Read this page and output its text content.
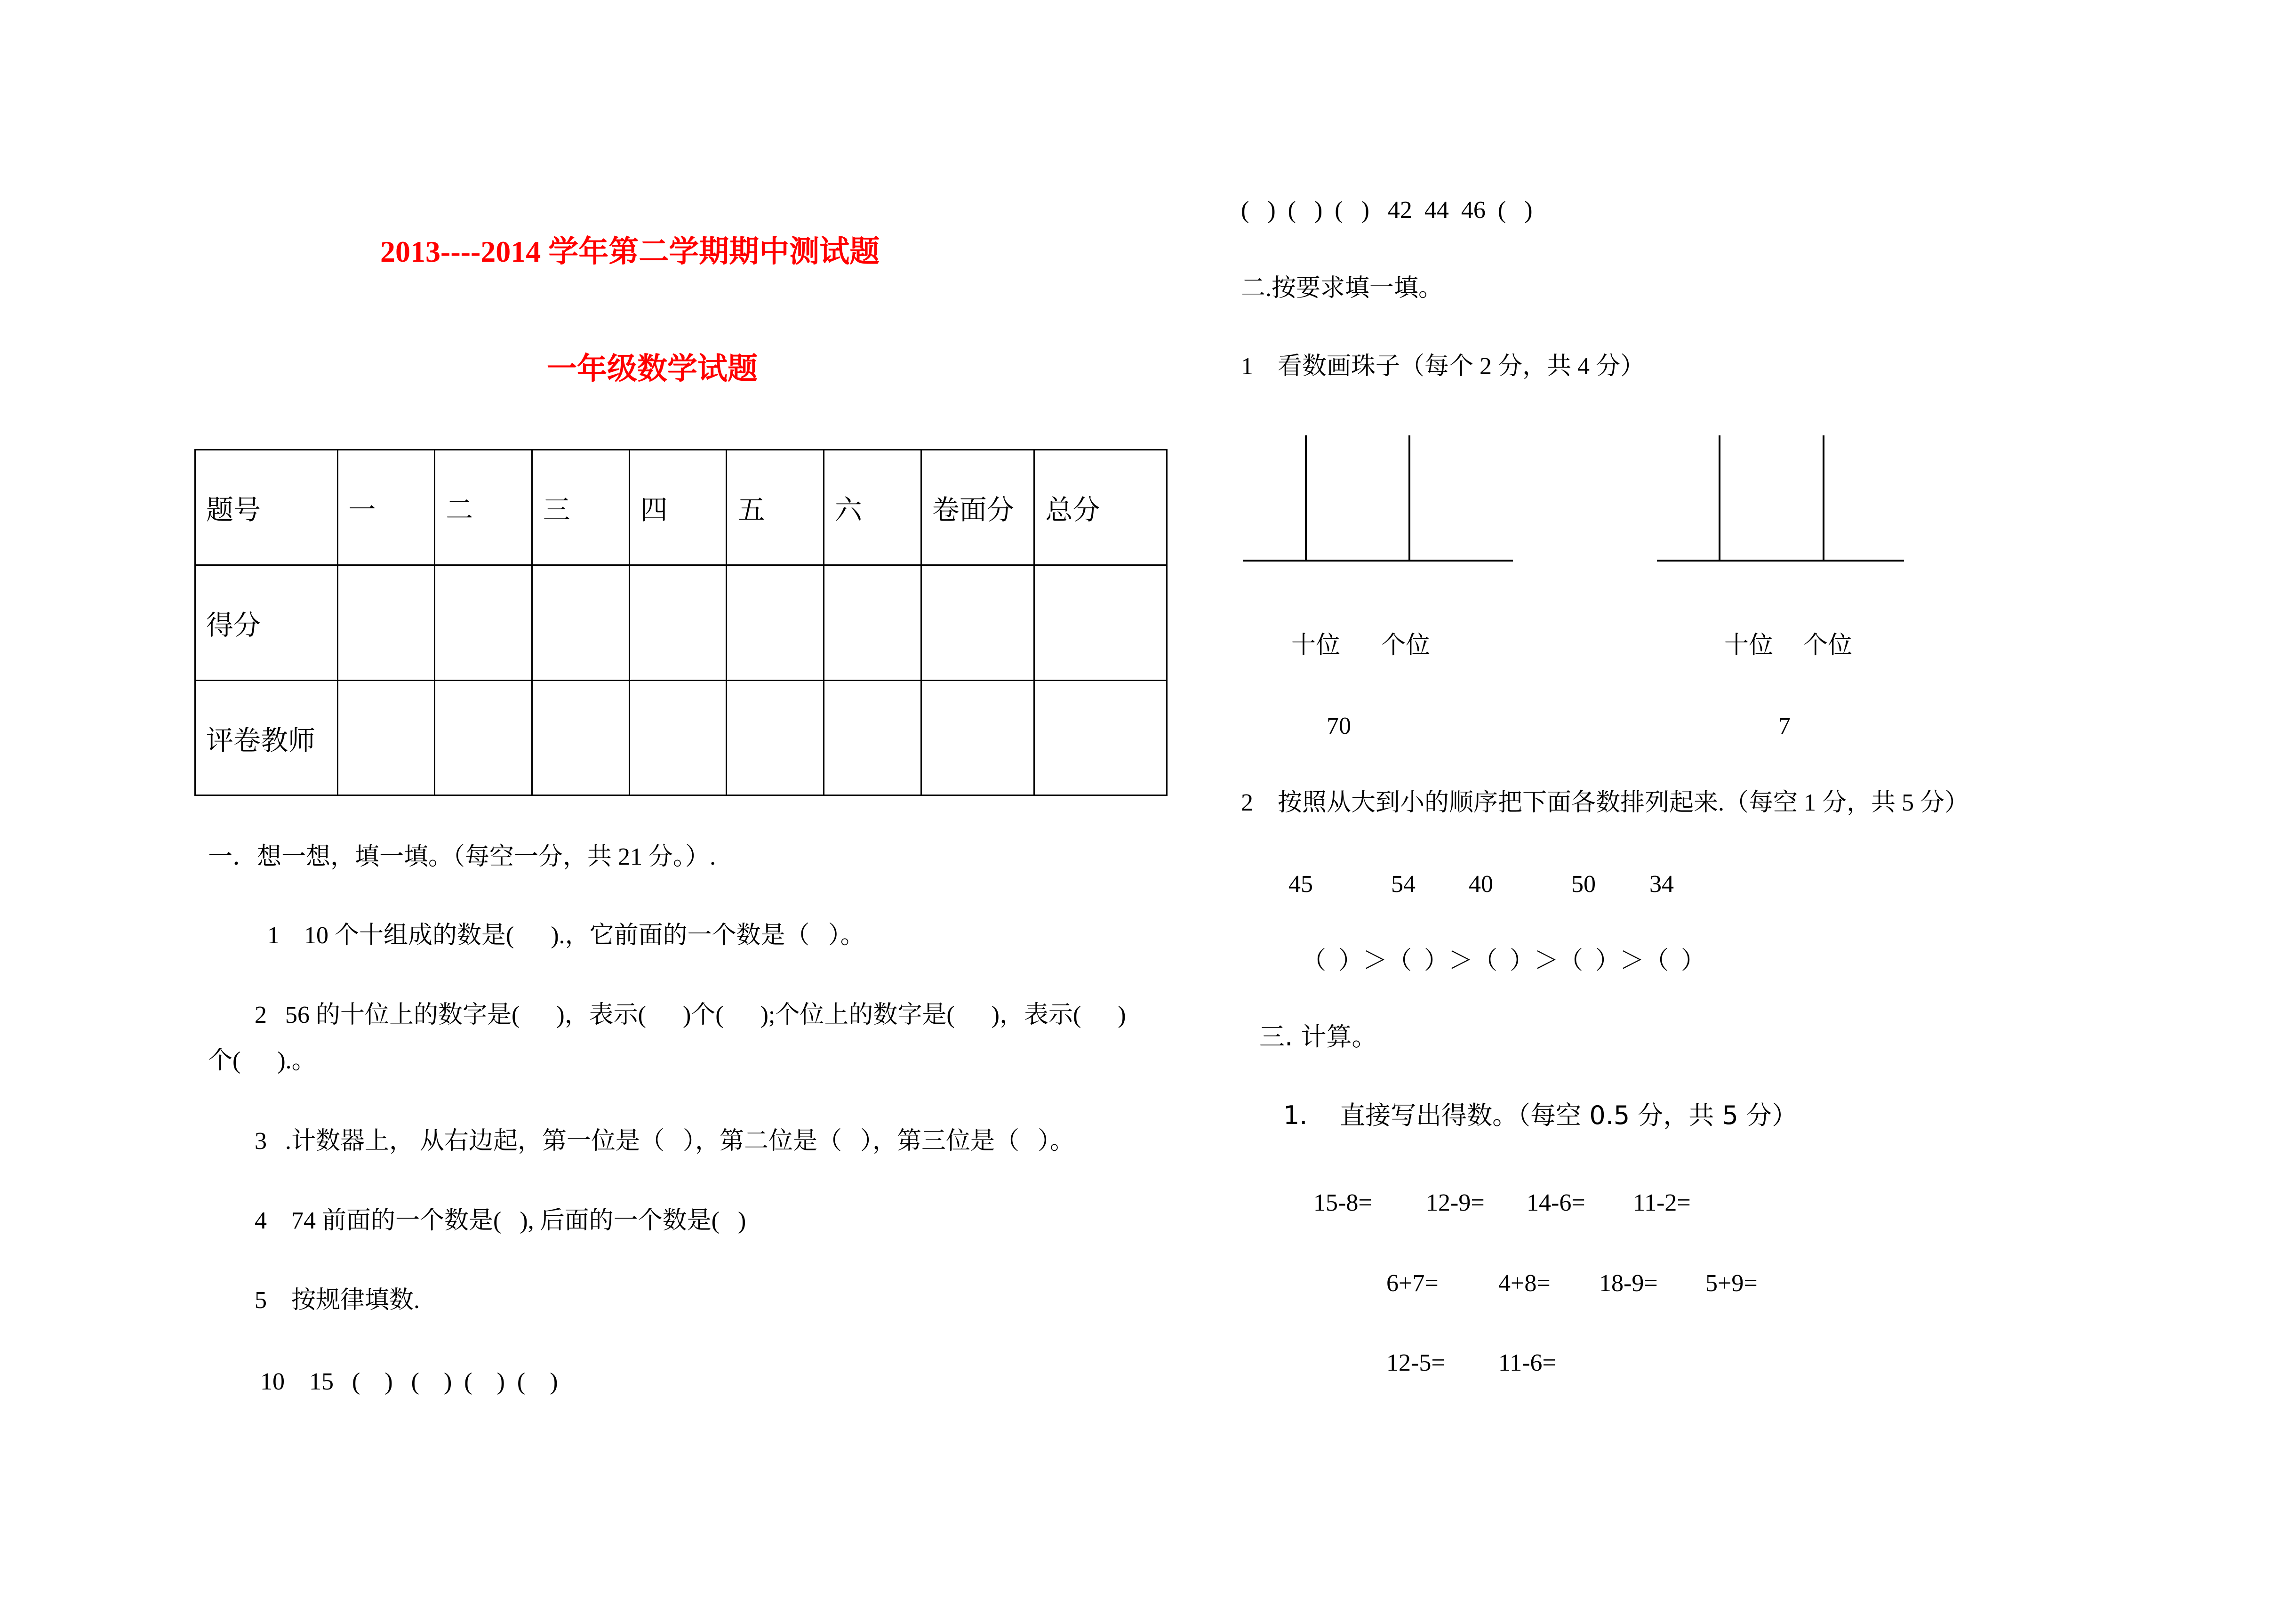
2013----2014 学年第二学期期中测试题
一年级数学试题
题号	一	二	三	四	五	六	卷面分	总分
得分								
评卷教师								
一．想一想，填一填。（每空一分，共 21 分。）.
1    10 个十组成的数是(      ).，它前面的一个数是（   ）。
2   56 的十位上的数字是(      )，表示(      )个(      );个位上的数字是(      )，表示(      )
个(      ).。
3   .计数器上， 从右边起，第一位是（   ），第二位是（   ），第三位是（   ）。
4    74 前面的一个数是(   ), 后面的一个数是(   )
5    按规律填数.
10    15   (    )   (    )  (    )  (    )
(   )  (   )  (   )   42  44  46  (   )
二.按要求填一填。
1    看数画珠子（每个 2 分，共 4 分）
十位 个位
70
十位 个位
7
2    按照从大到小的顺序把下面各数排列起来.（每空 1 分，共 5 分）
45	54 40	50 34
（  ）＞（  ）＞（  ）＞（  ）＞（  ）
三. 计算。
1.    直接写出得数。（每空 0.5 分，共 5 分）
15-8= 12-9= 14-6= 11-2=
6+7= 4+8= 18-9= 5+9=
12-5= 11-6=
